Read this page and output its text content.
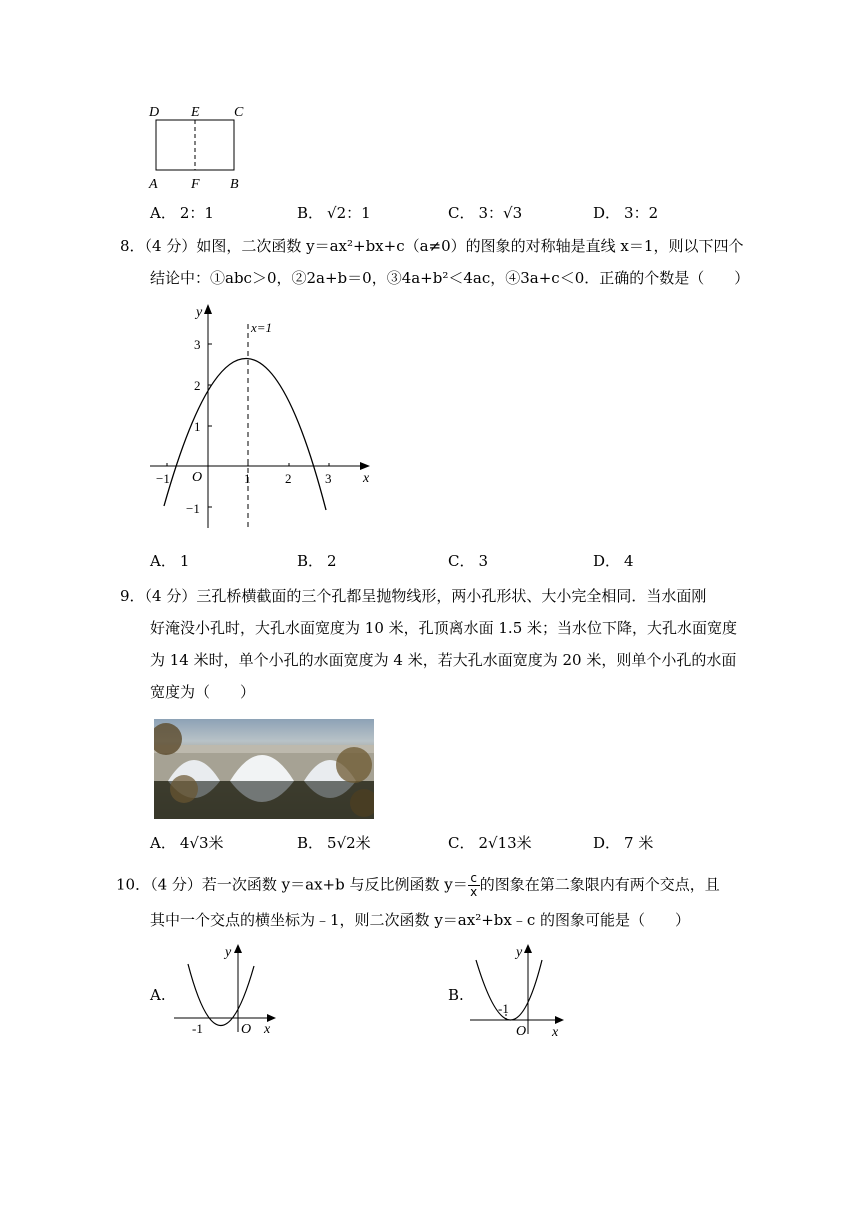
D E C
A F B
A． 2：1	B． √2：1	C． 3：√3	D． 3：2
8．（4 分）如图，二次函数 y＝ax²+bx+c（a≠0）的图象的对称轴是直线 x＝1，则以下四个
结论中：①abc＞0，②2a+b＝0，③4a+b²＜4ac，④3a+c＜0．正确的个数是（　　）
y
x
x=1
O
−1	1	2	3
3
2
1
−1
A． 1	B． 2	C． 3	D． 4
9．（4 分）三孔桥横截面的三个孔都呈抛物线形，两小孔形状、大小完全相同．当水面刚
好淹没小孔时，大孔水面宽度为 10 米，孔顶离水面 1.5 米；当水位下降，大孔水面宽度
为 14 米时，单个小孔的水面宽度为 4 米，若大孔水面宽度为 20 米，则单个小孔的水面
宽度为（　　）
A． 4√3米	B． 5√2米	C． 2√13米	D． 7 米
10．（4 分）若一次函数 y＝ax+b 与反比例函数 $y= \frac{c}{x}$ 的图象在第二象限内有两个交点，且
其中一个交点的横坐标为﹣1，则二次函数 y＝ax²+bx﹣c 的图象可能是（　　）
A.
y
x
O
-1
B.
y
x
O
-1
